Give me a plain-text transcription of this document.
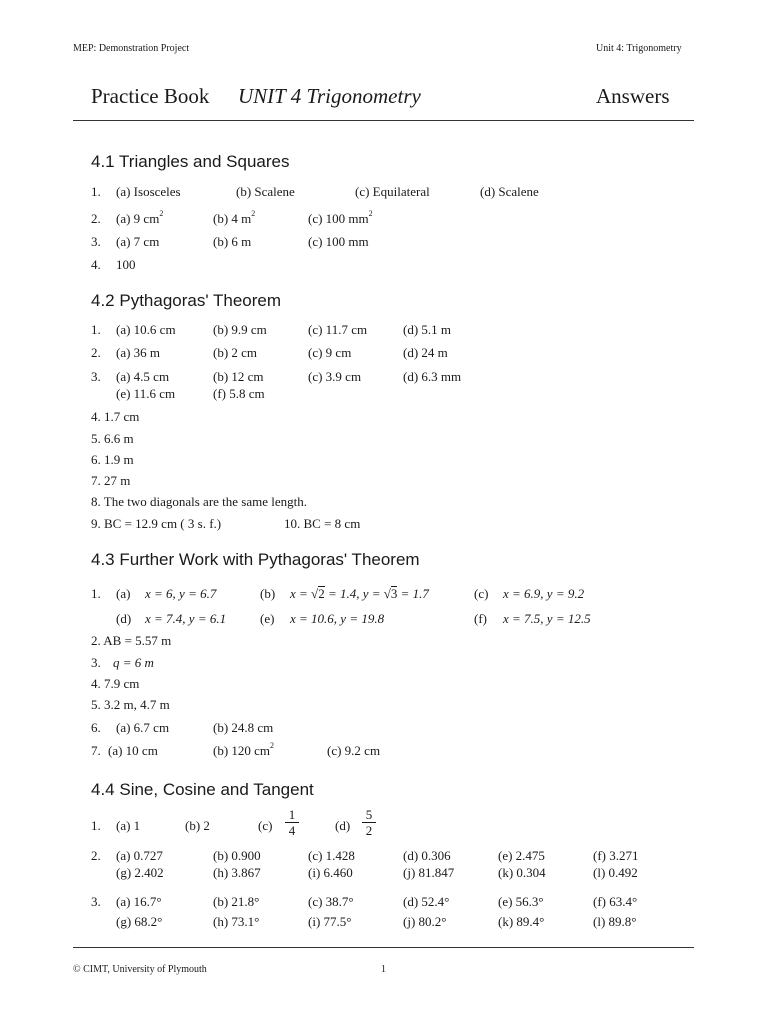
MEP: Demonstration Project	Unit 4: Trigonometry
Practice Book UNIT 4 Trigonometry	Answers
4.1 Triangles and Squares
1. (a) Isosceles	(b) Scalene	(c) Equilateral	(d) Scalene
2. (a) 9 $cm^2$	(b) 4 $m^2$	(c) 100 $mm^2$
3. (a) 7 cm	(b) 6 m	(c) 100 mm
4. 100
4.2 Pythagoras' Theorem
1. (a) 10.6 cm	(b) 9.9 cm	(c) 11.7 cm	(d) 5.1 m
2. (a) 36 m	(b) 2 cm	(c) 9 cm	(d) 24 m
3. (a) 4.5 cm	(b) 12 cm	(c) 3.9 cm	(d) 6.3 mm
(e) 11.6 cm	(f) 5.8 cm
4. 1.7 cm
5. 6.6 m
6. 1.9 m
7. 27 m
8. The two diagonals are the same length.
9. BC = 12.9 cm ( 3 s. f.)	10. BC = 8 cm
4.3 Further Work with Pythagoras' Theorem
1. (a) x = 6, y = 6.7	(b) x = √2 = 1.4, y = √3 = 1.7	(c) x = 6.9, y = 9.2
(d) x = 7.4, y = 6.1	(e) x = 10.6, y = 19.8	(f) x = 7.5, y = 12.5
2. AB = 5.57 m
3. q = 6 m
4. 7.9 cm
5. 3.2 m, 4.7 m
6. (a) 6.7 cm	(b) 24.8 cm
7. (a) 10 cm	(b) 120 $cm^2$	(c) 9.2 cm
4.4 Sine, Cosine and Tangent
1. (a) 1	(b) 2	$(c) \frac{1}{4}$	$(d) \frac{5}{2}$
2. (a) 0.727	(b) 0.900	(c) 1.428	(d) 0.306	(e) 2.475	(f) 3.271
(g) 2.402	(h) 3.867	(i) 6.460	(j) 81.847	(k) 0.304	(l) 0.492
3. (a) 16.7°	(b) 21.8°	(c) 38.7°	(d) 52.4°	(e) 56.3°	(f) 63.4°
(g) 68.2°	(h) 73.1°	(i) 77.5°	(j) 80.2°	(k) 89.4°	(l) 89.8°
© CIMT, University of Plymouth	1
